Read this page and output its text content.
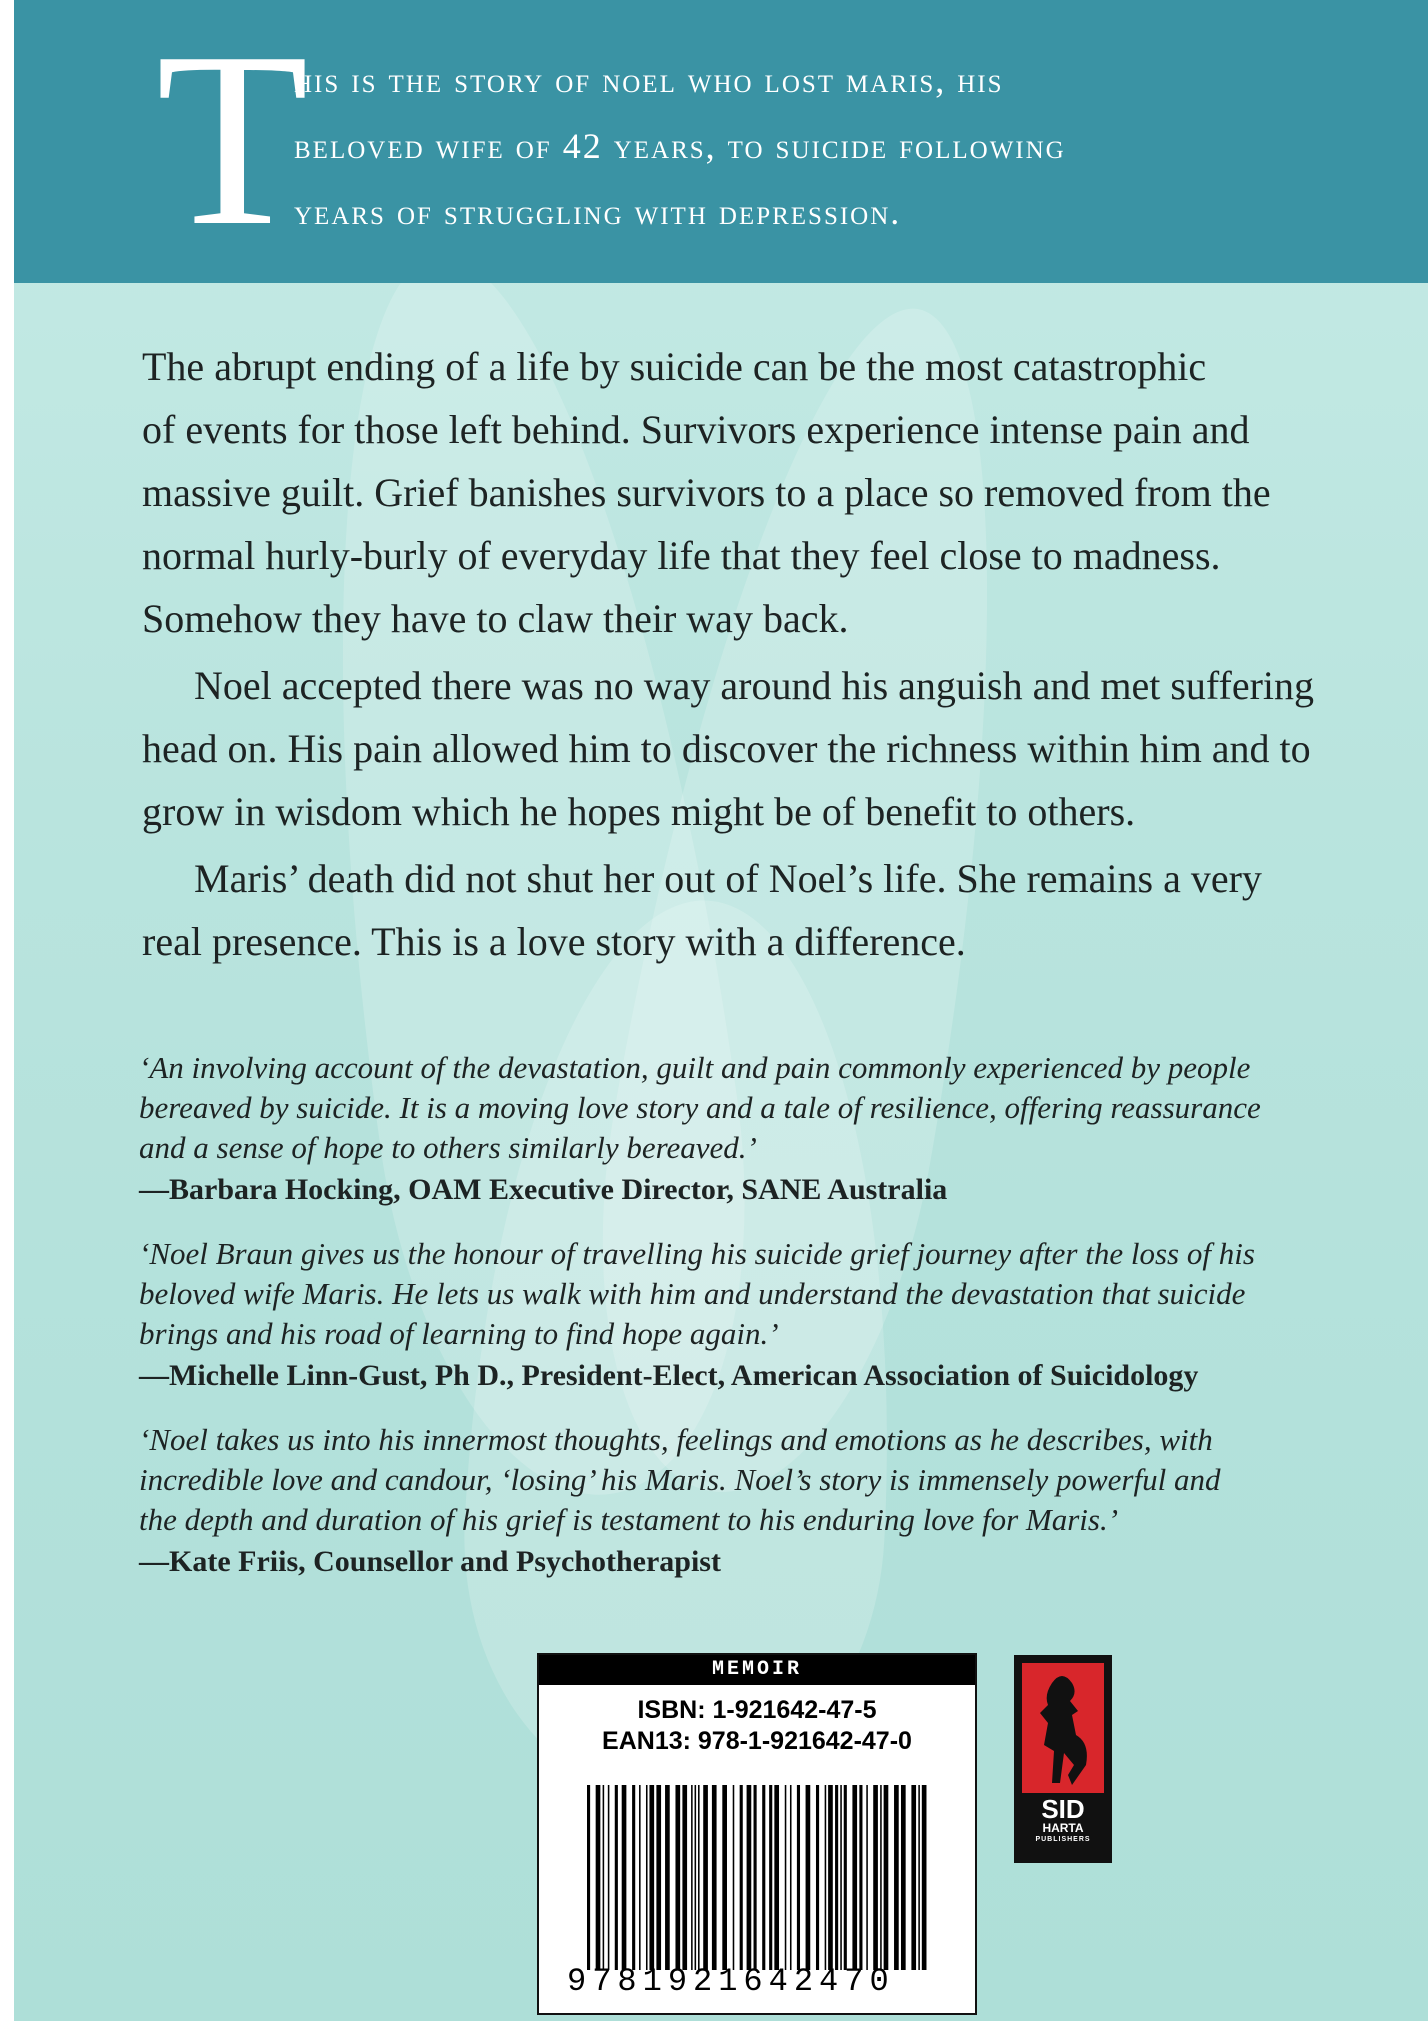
T
his is the story of noel who lost maris, his
beloved wife of 42 years, to suicide following
years of struggling with depression.

The abrupt ending of a life by suicide can be the most catastrophic
of events for those left behind. Survivors experience intense pain and
massive guilt. Grief banishes survivors to a place so removed from the
normal hurly-burly of everyday life that they feel close to madness.
Somehow they have to claw their way back.

Noel accepted there was no way around his anguish and met suffering
head on. His pain allowed him to discover the richness within him and to
grow in wisdom which he hopes might be of benefit to others.

Maris’ death did not shut her out of Noel’s life. She remains a very
real presence. This is a love story with a difference.

‘An involving account of the devastation, guilt and pain commonly experienced by people
bereaved by suicide. It is a moving love story and a tale of resilience, offering reassurance
and a sense of hope to others similarly bereaved.’
—Barbara Hocking, OAM Executive Director, SANE Australia
‘Noel Braun gives us the honour of travelling his suicide grief journey after the loss of his
beloved wife Maris. He lets us walk with him and understand the devastation that suicide
brings and his road of learning to find hope again.’
—Michelle Linn-Gust, Ph D., President-Elect, American Association of Suicidology
‘Noel takes us into his innermost thoughts, feelings and emotions as he describes, with
incredible love and candour, ‘losing’ his Maris. Noel’s story is immensely powerful and
the depth and duration of his grief is testament to his enduring love for Maris.’
—Kate Friis, Counsellor and Psychotherapist
MEMOIR
ISBN: 1-921642-47-5
EAN13: 978-1-921642-47-0
9781921642470
SID
HARTA
PUBLISHERS
